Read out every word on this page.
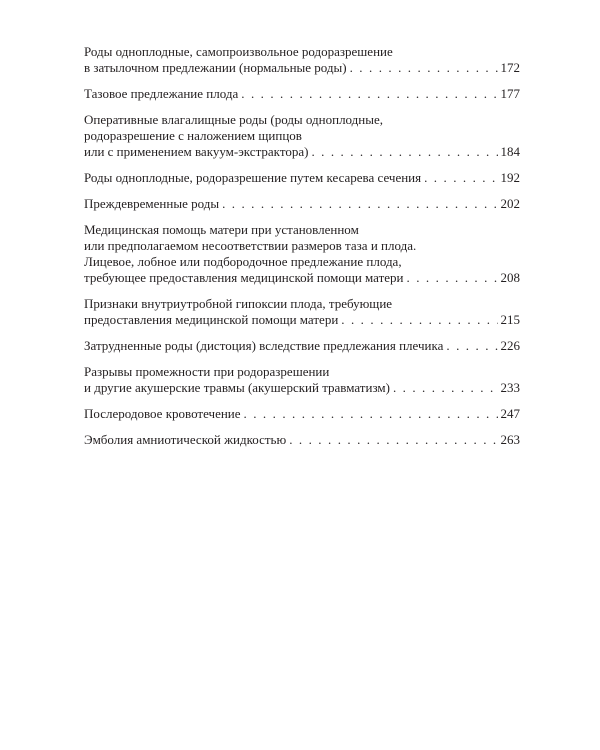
Роды одноплодные, самопроизвольное родоразрешение
в затылочном предлежании (нормальные роды) . . .	172
Тазовое предлежание плода . . .	177
Оперативные влагалищные роды (роды одноплодные,
родоразрешение с наложением щипцов
или с применением вакуум-экстрактора) . . .	184
Роды одноплодные, родоразрешение путем кесарева сечения . . .	192
Преждевременные роды . . .	202
Медицинская помощь матери при установленном
или предполагаемом несоответствии размеров таза и плода.
Лицевое, лобное или подбородочное предлежание плода,
требующее предоставления медицинской помощи матери . . .	208
Признаки внутриутробной гипоксии плода, требующие
предоставления медицинской помощи матери . . .	215
Затрудненные роды (дистоция) вследствие предлежания плечика . . .	226
Разрывы промежности при родоразрешении
и другие акушерские травмы (акушерский травматизм) . . .	233
Послеродовое кровотечение . . .	247
Эмболия амниотической жидкостью . . .	263
